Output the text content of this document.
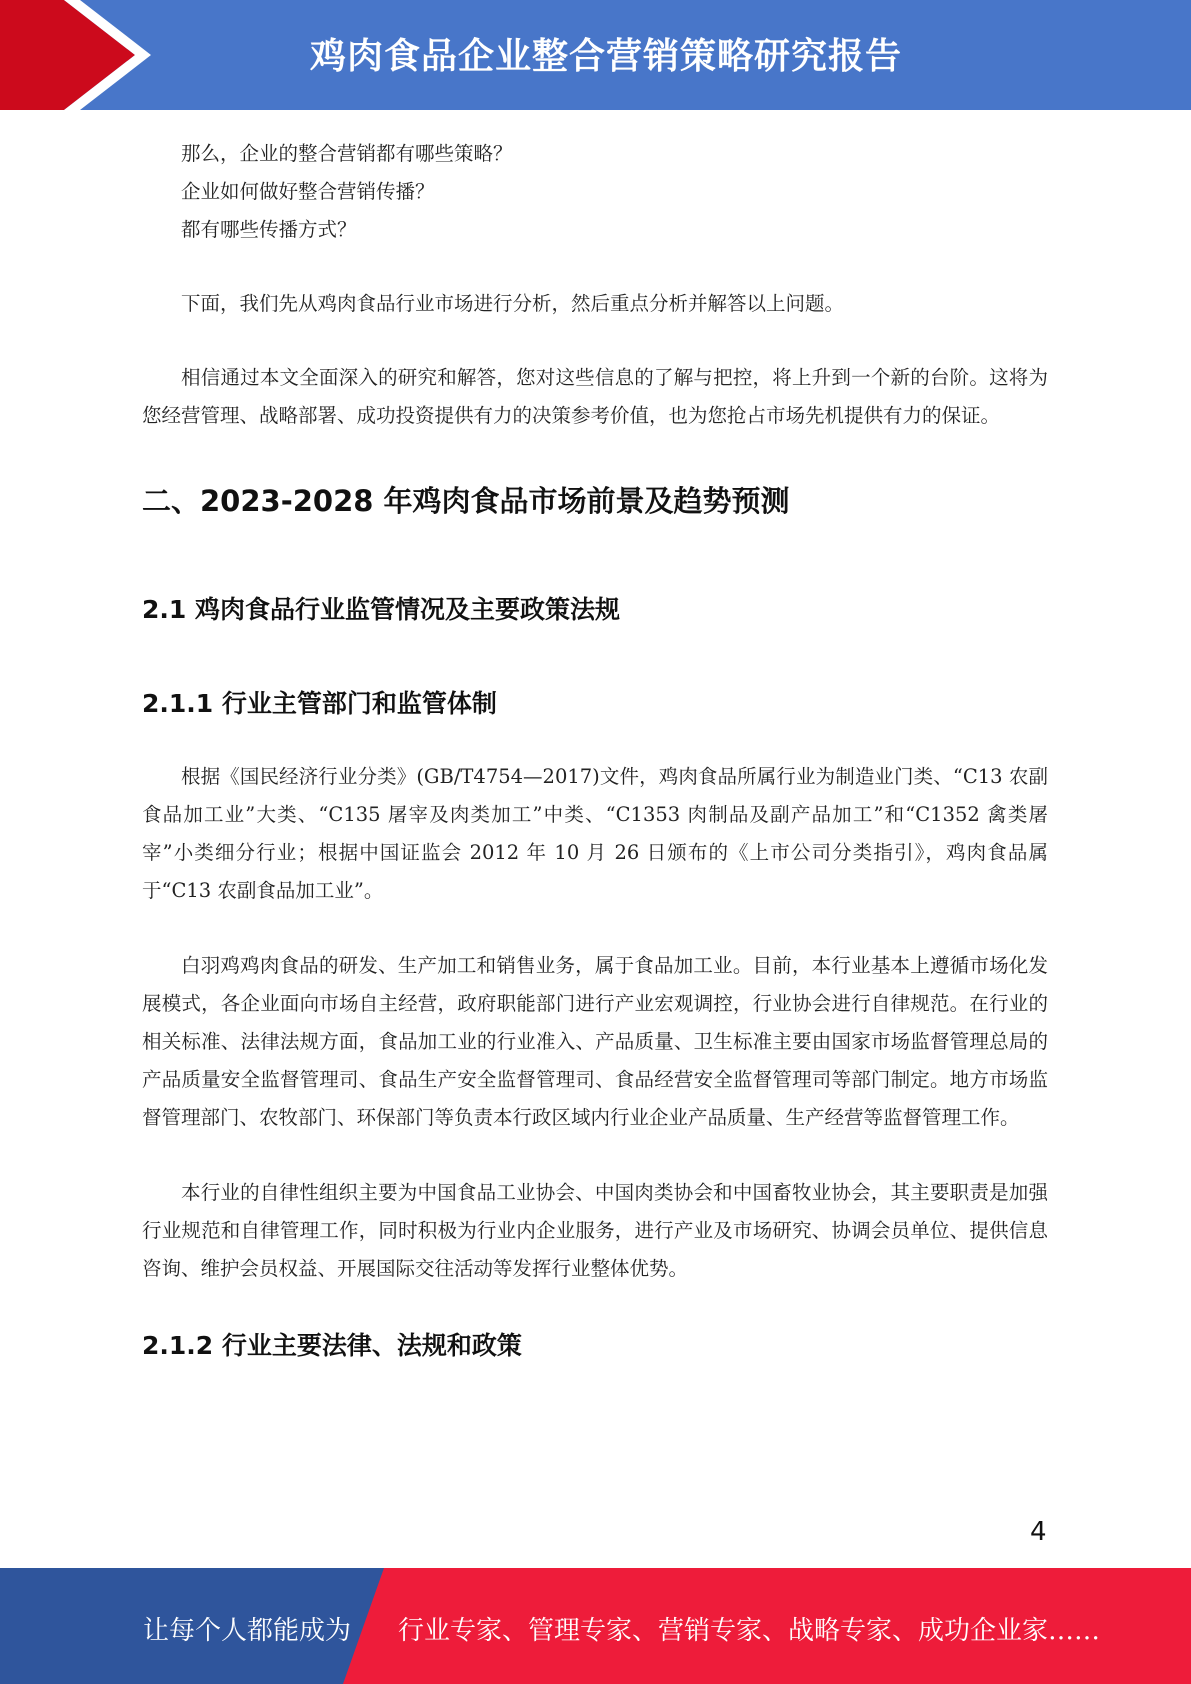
鸡肉食品企业整合营销策略研究报告

那么，企业的整合营销都有哪些策略？

企业如何做好整合营销传播？

都有哪些传播方式？

下面，我们先从鸡肉食品行业市场进行分析，然后重点分析并解答以上问题。

相信通过本文全面深入的研究和解答，您对这些信息的了解与把控，将上升到一个新的台阶。这将为您经营管理、战略部署、成功投资提供有力的决策参考价值，也为您抢占市场先机提供有力的保证。

二、2023-2028 年鸡肉食品市场前景及趋势预测
2.1 鸡肉食品行业监管情况及主要政策法规
2.1.1 行业主管部门和监管体制

根据《国民经济行业分类》(GB/T4754—2017)文件，鸡肉食品所属行业为制造业门类、“C13 农副食品加工业”大类、“C135 屠宰及肉类加工”中类、“C1353 肉制品及副产品加工”和“C1352 禽类屠宰”小类细分行业；根据中国证监会 2012 年 10 月 26 日颁布的《上市公司分类指引》，鸡肉食品属于“C13 农副食品加工业”。

白羽鸡鸡肉食品的研发、生产加工和销售业务，属于食品加工业。目前，本行业基本上遵循市场化发展模式，各企业面向市场自主经营，政府职能部门进行产业宏观调控，行业协会进行自律规范。在行业的相关标准、法律法规方面，食品加工业的行业准入、产品质量、卫生标准主要由国家市场监督管理总局的产品质量安全监督管理司、食品生产安全监督管理司、食品经营安全监督管理司等部门制定。地方市场监督管理部门、农牧部门、环保部门等负责本行政区域内行业企业产品质量、生产经营等监督管理工作。

本行业的自律性组织主要为中国食品工业协会、中国肉类协会和中国畜牧业协会，其主要职责是加强行业规范和自律管理工作，同时积极为行业内企业服务，进行产业及市场研究、协调会员单位、提供信息咨询、维护会员权益、开展国际交往活动等发挥行业整体优势。

2.1.2 行业主要法律、法规和政策
4
让每个人都能成为 行业专家、管理专家、营销专家、战略专家、成功企业家……
